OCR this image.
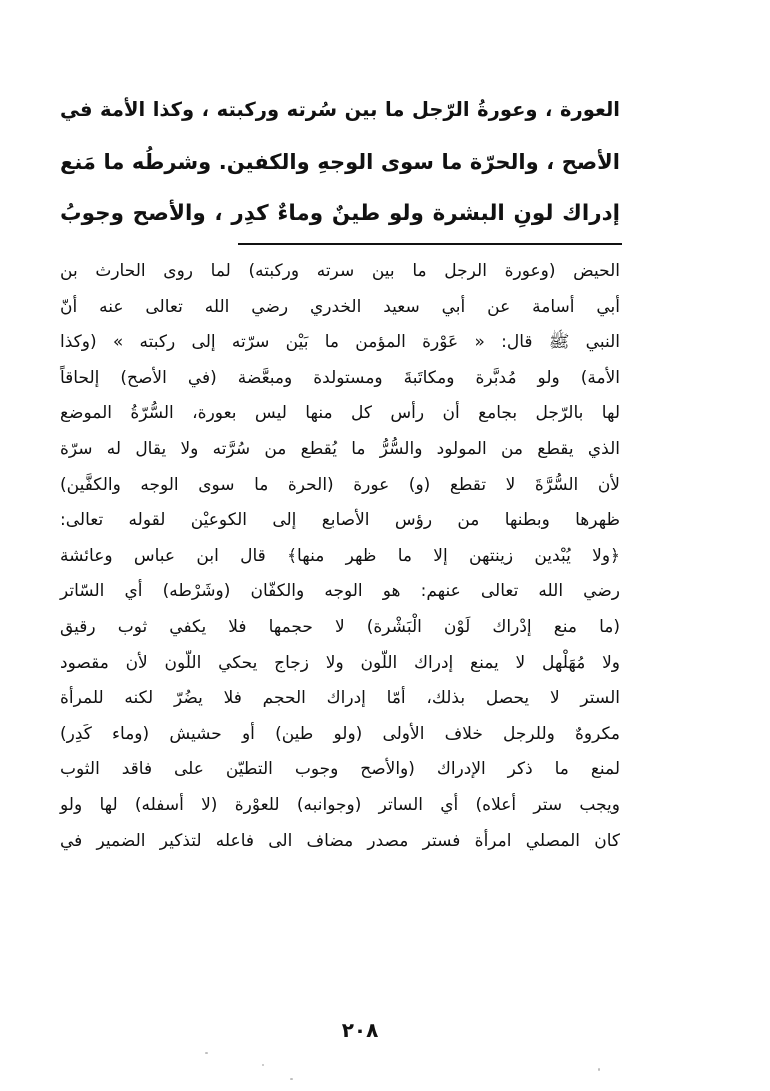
العورة ، وعورةُ الرّجل ما بين سُرته وركبته ، وكذا الأمة في
الأصح ، والحرّة ما سوى الوجهِ والكفين. وشرطُه ما مَنع
إدراك لونِ البشرة ولو طينٌ وماءٌ كدِر ، والأصح وجوبُ
الحيض (وعورة الرجل ما بين سرته وركبته) لما روى الحارث بن
أبي أسامة عن أبي سعيد الخدري رضي الله تعالى عنه أنّ
النبي ﷺ قال: « عَوْرة المؤمن ما بَيْن سرّته إلى ركبته » (وكذا
الأمة) ولو مُدبَّرة ومكاتَبةَ ومستولدة ومبعَّضة (في الأصح) إلحاقاً
لها بالرّجل بجامع أن رأس كل منها ليس بعورة، السُّرّةُ الموضع
الذي يقطع من المولود والسُّرُّ ما يُقطع من سُرَّته ولا يقال له سرّة
لأن السُّرَّةَ لا تقطع (و) عورة (الحرة ما سوى الوجه والكفَّين)
ظهرها وبطنها من رؤس الأصابع إلى الكوعيْن لقوله تعالى:
﴿ولا يُبْدين زينتهن إلا ما ظهر منها﴾ قال ابن عباس وعائشة
رضي الله تعالى عنهم: هو الوجه والكفّان (وشَرْطه) أي السّاتر
(ما منع إدْراك لَوْن الْبَشْرة) لا حجمها فلا يكفي ثوب رقيق
ولا مُهَلْهل لا يمنع إدراك اللّون ولا زجاج يحكي اللّون لأن مقصود
الستر لا يحصل بذلك، أمّا إدراك الحجم فلا يضُرّ لكنه للمرأة
مكروهٌ وللرجل خلاف الأولى (ولو طين) أو حشيش (وماء كَدِر)
لمنع ما ذكر الإدراك (والأصح وجوب التطيّن على فاقد الثوب
ويجب ستر أعلاه) أي الساتر (وجوانبه) للعوْرة (لا أسفله) لها ولو
كان المصلي امرأة فستر مصدر مضاف الى فاعله لتذكير الضمير في
٢٠٨
